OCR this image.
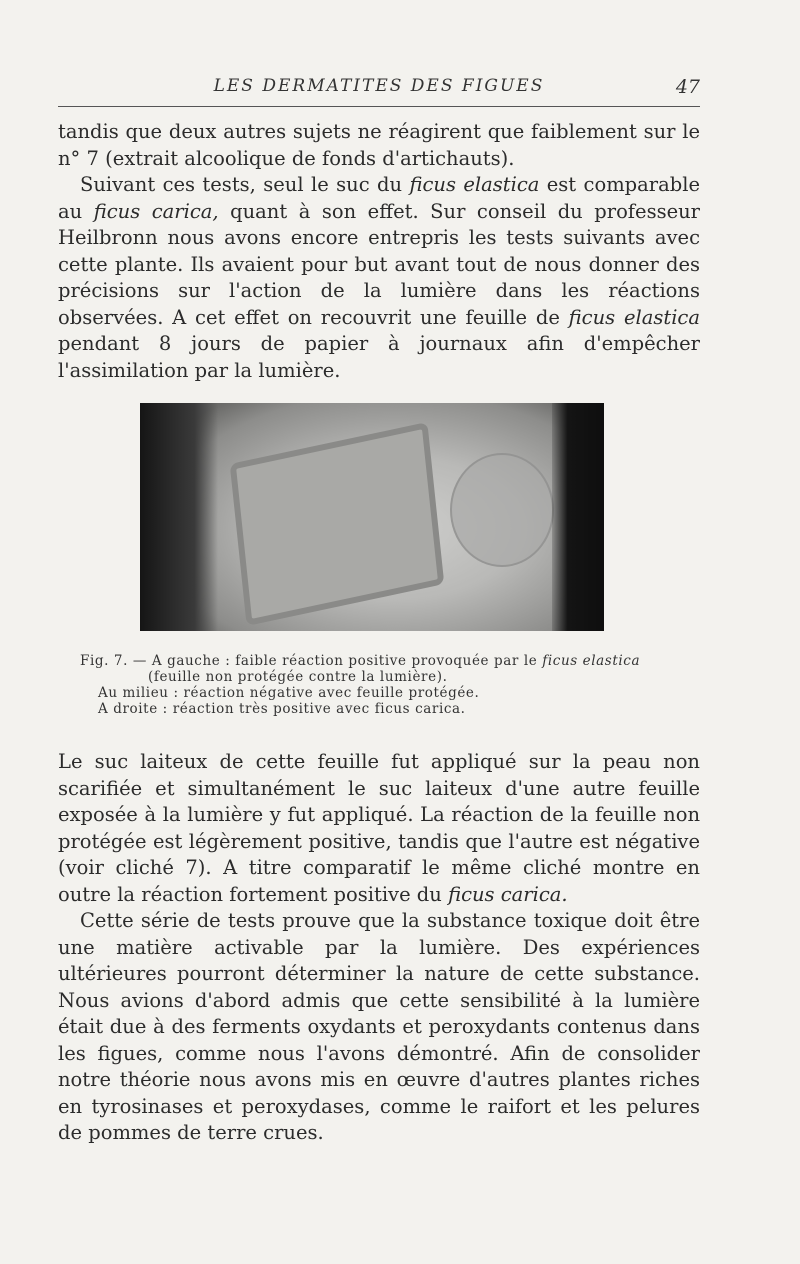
LES DERMATITES DES FIGUES	47

tandis que deux autres sujets ne réagirent que faiblement sur le n° 7 (extrait alcoolique de fonds d'artichauts).

Suivant ces tests, seul le suc du ficus elastica est comparable au ficus carica, quant à son effet. Sur conseil du professeur Heilbronn nous avons encore entrepris les tests suivants avec cette plante. Ils avaient pour but avant tout de nous donner des précisions sur l'action de la lumière dans les réactions observées. A cet effet on recouvrit une feuille de ficus elastica pendant 8 jours de papier à journaux afin d'empêcher l'assimilation par la lumière.

Fig. 7. — A gauche : faible réaction positive provoquée par le ficus elastica
(feuille non protégée contre la lumière).
Au milieu : réaction négative avec feuille protégée.
A droite : réaction très positive avec ficus carica.

Le suc laiteux de cette feuille fut appliqué sur la peau non scarifiée et simultanément le suc laiteux d'une autre feuille exposée à la lumière y fut appliqué. La réaction de la feuille non protégée est légèrement positive, tandis que l'autre est négative (voir cliché 7). A titre comparatif le même cliché montre en outre la réaction fortement positive du ficus carica.

Cette série de tests prouve que la substance toxique doit être une matière activable par la lumière. Des expériences ultérieures pourront déterminer la nature de cette substance. Nous avions d'abord admis que cette sensibilité à la lumière était due à des ferments oxydants et peroxydants contenus dans les figues, comme nous l'avons démontré. Afin de consolider notre théorie nous avons mis en œuvre d'autres plantes riches en tyrosinases et peroxydases, comme le raifort et les pelures de pommes de terre crues.
